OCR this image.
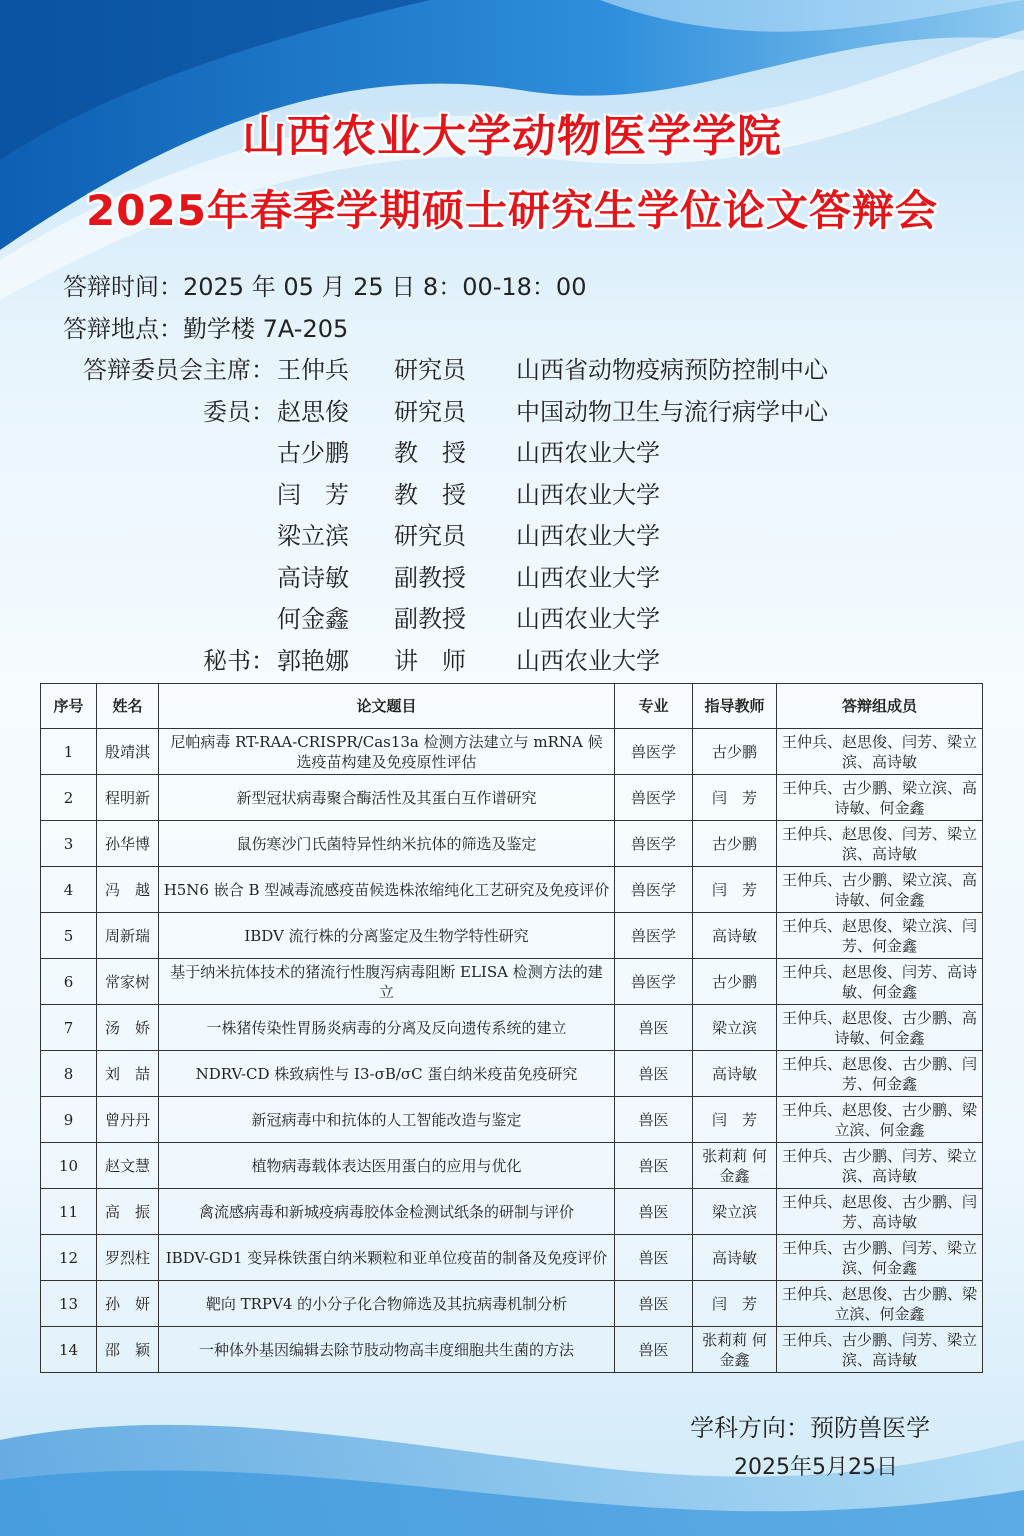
山西农业大学动物医学学院
2025年春季学期硕士研究生学位论文答辩会
答辩时间：2025 年 05 月 25 日 8：00-18：00
答辩地点：勤学楼 7A-205
答辩委员会主席： 王仲兵 研究员 山西省动物疫病预防控制中心
委员： 赵思俊 研究员 中国动物卫生与流行病学中心
古少鹏 教　授 山西农业大学
闫　芳 教　授 山西农业大学
梁立滨 研究员 山西农业大学
高诗敏 副教授 山西农业大学
何金鑫 副教授 山西农业大学
秘书： 郭艳娜 讲　师 山西农业大学
序号	姓名	论文题目	专业	指导教师	答辩组成员
1	殷靖淇	尼帕病毒 RT-RAA-CRISPR/Cas13a 检测方法建立与 mRNA 候选疫苗构建及免疫原性评估	兽医学	古少鹏	王仲兵、赵思俊、闫芳、梁立滨、高诗敏
2	程明新	新型冠状病毒聚合酶活性及其蛋白互作谱研究	兽医学	闫　芳	王仲兵、古少鹏、梁立滨、高诗敏、何金鑫
3	孙华博	鼠伤寒沙门氏菌特异性纳米抗体的筛选及鉴定	兽医学	古少鹏	王仲兵、赵思俊、闫芳、梁立滨、高诗敏
4	冯　越	H5N6 嵌合 B 型减毒流感疫苗候选株浓缩纯化工艺研究及免疫评价	兽医学	闫　芳	王仲兵、古少鹏、梁立滨、高诗敏、何金鑫
5	周新瑞	IBDV 流行株的分离鉴定及生物学特性研究	兽医学	高诗敏	王仲兵、赵思俊、梁立滨、闫芳、何金鑫
6	常家树	基于纳米抗体技术的猪流行性腹泻病毒阻断 ELISA 检测方法的建立	兽医学	古少鹏	王仲兵、赵思俊、闫芳、高诗敏、何金鑫
7	汤　娇	一株猪传染性胃肠炎病毒的分离及反向遗传系统的建立	兽医	梁立滨	王仲兵、赵思俊、古少鹏、高诗敏、何金鑫
8	刘　喆	NDRV-CD 株致病性与 I3-σB/σC 蛋白纳米疫苗免疫研究	兽医	高诗敏	王仲兵、赵思俊、古少鹏、闫芳、何金鑫
9	曾丹丹	新冠病毒中和抗体的人工智能改造与鉴定	兽医	闫　芳	王仲兵、赵思俊、古少鹏、梁立滨、何金鑫
10	赵文慧	植物病毒载体表达医用蛋白的应用与优化	兽医	张莉莉 何金鑫	王仲兵、古少鹏、闫芳、梁立滨、高诗敏
11	高　振	禽流感病毒和新城疫病毒胶体金检测试纸条的研制与评价	兽医	梁立滨	王仲兵、赵思俊、古少鹏、闫芳、高诗敏
12	罗烈柱	IBDV-GD1 变异株铁蛋白纳米颗粒和亚单位疫苗的制备及免疫评价	兽医	高诗敏	王仲兵、古少鹏、闫芳、梁立滨、何金鑫
13	孙　妍	靶向 TRPV4 的小分子化合物筛选及其抗病毒机制分析	兽医	闫　芳	王仲兵、赵思俊、古少鹏、梁立滨、何金鑫
14	邵　颖	一种体外基因编辑去除节肢动物高丰度细胞共生菌的方法	兽医	张莉莉 何金鑫	王仲兵、古少鹏、闫芳、梁立滨、高诗敏
学科方向：预防兽医学
2025年5月25日
